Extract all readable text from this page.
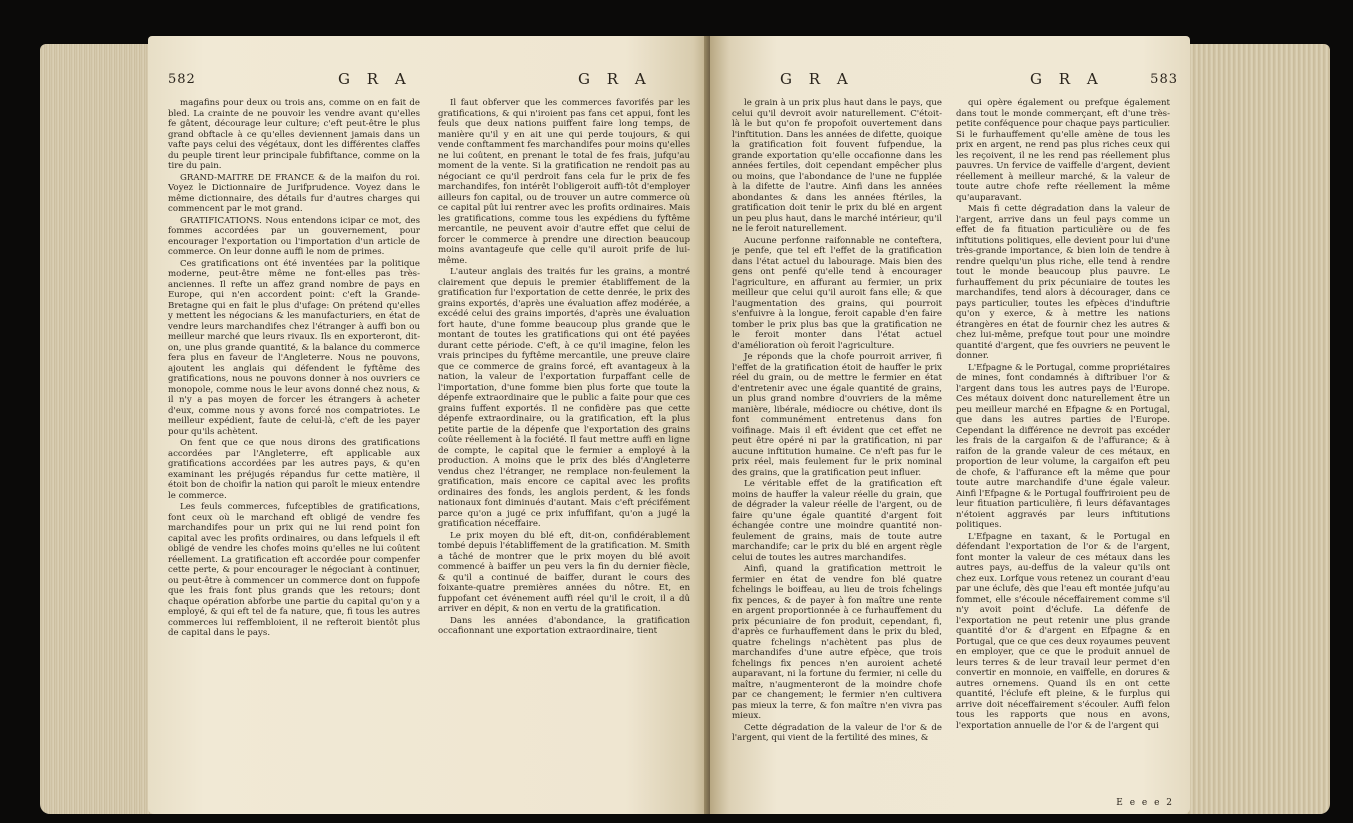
582	G R A	G R A

magafins pour deux ou trois ans, comme on en fait de bled. La crainte de ne pouvoir les vendre avant qu'elles fe gâtent, décourage leur culture; c'eft peut-être le plus grand obftacle à ce qu'elles deviennent jamais dans un vafte pays celui des végétaux, dont les différentes claffes du peuple tirent leur principale fubfiftance, comme on la tire du pain.

GRAND-MAITRE DE FRANCE & de la maifon du roi. Voyez le Dictionnaire de Jurifprudence. Voyez dans le même dictionnaire, des détails fur d'autres charges qui commencent par le mot grand.

GRATIFICATIONS. Nous entendons icipar ce mot, des fommes accordées par un gouvernement, pour encourager l'exportation ou l'importation d'un article de commerce. On leur donne auffi le nom de primes.

Ces gratifications ont été inventées par la politique moderne, peut-être même ne font-elles pas très-anciennes. Il refte un affez grand nombre de pays en Europe, qui n'en accordent point: c'eft la Grande-Bretagne qui en fait le plus d'ufage: On prétend qu'elles y mettent les négocians & les manufacturiers, en état de vendre leurs marchandifes chez l'étranger à auffi bon ou meilleur marché que leurs rivaux. Ils en exporteront, dit-on, une plus grande quantité, & la balance du commerce fera plus en faveur de l'Angleterre. Nous ne pouvons, ajoutent les anglais qui défendent le fyftême des gratifications, nous ne pouvons donner à nos ouvriers ce monopole, comme nous le leur avons donné chez nous, & il n'y a pas moyen de forcer les étrangers à acheter d'eux, comme nous y avons forcé nos compatriotes. Le meilleur expédient, faute de celui-là, c'eft de les payer pour qu'ils achètent.

On fent que ce que nous dirons des gratifications accordées par l'Angleterre, eft applicable aux gratifications accordées par les autres pays, & qu'en examinant les préjugés répandus fur cette matière, il étoit bon de choifir la nation qui paroît le mieux entendre le commerce.

Les feuls commerces, fufceptibles de gratifications, font ceux où le marchand eft obligé de vendre fes marchandifes pour un prix qui ne lui rend point fon capital avec les profits ordinaires, ou dans lefquels il eft obligé de vendre les chofes moins qu'elles ne lui coûtent réellement. La gratification eft accordée pour compenfer cette perte, & pour encourager le négociant à continuer, ou peut-être à commencer un commerce dont on fuppofe que les frais font plus grands que les retours; dont chaque opération abforbe une partie du capital qu'on y a employé, & qui eft tel de fa nature, que, fi tous les autres commerces lui reffembloient, il ne refteroit bientôt plus de capital dans le pays.

Il faut obferver que les commerces favorifés par les gratifications, & qui n'iroient pas fans cet appui, font les feuls que deux nations puiffent faire long temps, de manière qu'il y en ait une qui perde toujours, & qui vende conftamment fes marchandifes pour moins qu'elles ne lui coûtent, en prenant le total de fes frais, jufqu'au moment de la vente. Si la gratification ne rendoit pas au négociant ce qu'il perdroit fans cela fur le prix de fes marchandifes, fon intérêt l'obligeroit auffi-tôt d'employer ailleurs fon capital, ou de trouver un autre commerce où ce capital pût lui rentrer avec les profits ordinaires. Mais les gratifications, comme tous les expédiens du fyftême mercantile, ne peuvent avoir d'autre effet que celui de forcer le commerce à prendre une direction beaucoup moins avantageufe que celle qu'il auroit prife de lui-même.

L'auteur anglais des traités fur les grains, a montré clairement que depuis le premier établiffement de la gratification fur l'exportation de cette denrée, le prix des grains exportés, d'après une évaluation affez modérée, a excédé celui des grains importés, d'après une évaluation fort haute, d'une fomme beaucoup plus grande que le montant de toutes les gratifications qui ont été payées durant cette période. C'eft, à ce qu'il imagine, felon les vrais principes du fyftême mercantile, une preuve claire que ce commerce de grains forcé, eft avantageux à la nation, la valeur de l'exportation furpaffant celle de l'importation, d'une fomme bien plus forte que toute la dépenfe extraordinaire que le public a faite pour que ces grains fuffent exportés. Il ne confidère pas que cette dépenfe extraordinaire, ou la gratification, eft la plus petite partie de la dépenfe que l'exportation des grains coûte réellement à la fociété. Il faut mettre auffi en ligne de compte, le capital que le fermier a employé à la production. A moins que le prix des blés d'Angleterre vendus chez l'étranger, ne remplace non-feulement la gratification, mais encore ce capital avec les profits ordinaires des fonds, les anglois perdent, & les fonds nationaux font diminués d'autant. Mais c'eft précifément parce qu'on a jugé ce prix infuffifant, qu'on a jugé la gratification néceffaire.

Le prix moyen du blé eft, dit-on, confidérablement tombé depuis l'établiffement de la gratification. M. Smith a tâché de montrer que le prix moyen du blé avoit commencé à baiffer un peu vers la fin du dernier fiècle, & qu'il a continué de baiffer, durant le cours des foixante-quatre premières années du nôtre. Et, en fuppofant cet événement auffi réel qu'il le croit, il a dû arriver en dépit, & non en vertu de la gratification.

Dans les années d'abondance, la gratification occafionnant une exportation extraordinaire, tient

G R A	G R A	583

le grain à un prix plus haut dans le pays, que celui qu'il devroit avoir naturellement. C'étoit-là le but qu'on fe propofoit ouvertement dans l'inftitution. Dans les années de difette, quoique la gratification foit fouvent fufpendue, la grande exportation qu'elle occafionne dans les années fertiles, doit cependant empêcher plus ou moins, que l'abondance de l'une ne fupplée à la difette de l'autre. Ainfi dans les années abondantes & dans les années ftériles, la gratification doit tenir le prix du blé en argent un peu plus haut, dans le marché intérieur, qu'il ne le feroit naturellement.

Aucune perfonne raifonnable ne conteftera, je penfe, que tel eft l'effet de la gratification dans l'état actuel du labourage. Mais bien des gens ont penfé qu'elle tend à encourager l'agriculture, en affurant au fermier, un prix meilleur que celui qu'il auroit fans elle; & que l'augmentation des grains, qui pourroit s'enfuivre à la longue, feroit capable d'en faire tomber le prix plus bas que la gratification ne le feroit monter dans l'état actuel d'amélioration où feroit l'agriculture.

Je réponds que la chofe pourroit arriver, fi l'effet de la gratification étoit de hauffer le prix réel du grain, ou de mettre le fermier en état d'entretenir avec une égale quantité de grains, un plus grand nombre d'ouvriers de la même manière, libérale, médiocre ou chétive, dont ils font communément entretenus dans fon voifinage. Mais il eft évident que cet effet ne peut être opéré ni par la gratification, ni par aucune inftitution humaine. Ce n'eft pas fur le prix réel, mais feulement fur le prix nominal des grains, que la gratification peut influer.

Le véritable effet de la gratification eft moins de hauffer la valeur réelle du grain, que de dégrader la valeur réelle de l'argent, ou de faire qu'une égale quantité d'argent foit échangée contre une moindre quantité non-feulement de grains, mais de toute autre marchandife; car le prix du blé en argent règle celui de toutes les autres marchandifes.

Ainfi, quand la gratification mettroit le fermier en état de vendre fon blé quatre fchelings le boiffeau, au lieu de trois fchelings fix pences, & de payer à fon maître une rente en argent proportionnée à ce furhauffement du prix pécuniaire de fon produit, cependant, fi, d'après ce furhauffement dans le prix du bled, quatre fchelings n'achètent pas plus de marchandifes d'une autre efpèce, que trois fchelings fix pences n'en auroient acheté auparavant, ni la fortune du fermier, ni celle du maître, n'augmenteront de la moindre chofe par ce changement; le fermier n'en cultivera pas mieux la terre, & fon maître n'en vivra pas mieux.

Cette dégradation de la valeur de l'or & de l'argent, qui vient de la fertilité des mines, &

qui opère également ou prefque également dans tout le monde commerçant, eft d'une très-petite conféquence pour chaque pays particulier. Si le furhauffement qu'elle amène de tous les prix en argent, ne rend pas plus riches ceux qui les reçoivent, il ne les rend pas réellement plus pauvres. Un fervice de vaiffelle d'argent, devient réellement à meilleur marché, & la valeur de toute autre chofe refte réellement la même qu'auparavant.

Mais fi cette dégradation dans la valeur de l'argent, arrive dans un feul pays comme un effet de fa fituation particulière ou de fes inftitutions politiques, elle devient pour lui d'une très-grande importance, & bien loin de tendre à rendre quelqu'un plus riche, elle tend à rendre tout le monde beaucoup plus pauvre. Le furhauffement du prix pécuniaire de toutes les marchandifes, tend alors à décourager, dans ce pays particulier, toutes les efpèces d'induftrie qu'on y exerce, & à mettre les nations étrangères en état de fournir chez les autres & chez lui-même, prefque tout pour une moindre quantité d'argent, que fes ouvriers ne peuvent le donner.

L'Efpagne & le Portugal, comme propriétaires de mines, font condamnés à diftribuer l'or & l'argent dans tous les autres pays de l'Europe. Ces métaux doivent donc naturellement être un peu meilleur marché en Efpagne & en Portugal, que dans les autres parties de l'Europe. Cependant la différence ne devroit pas excéder les frais de la cargaifon & de l'affurance; & à raifon de la grande valeur de ces métaux, en proportion de leur volume, la cargaifon eft peu de chofe, & l'affurance eft la même que pour toute autre marchandife d'une égale valeur. Ainfi l'Efpagne & le Portugal fouffriroient peu de leur fituation particulière, fi leurs défavantages n'étoient aggravés par leurs inftitutions politiques.

L'Efpagne en taxant, & le Portugal en défendant l'exportation de l'or & de l'argent, font monter la valeur de ces métaux dans les autres pays, au-deffus de la valeur qu'ils ont chez eux. Lorfque vous retenez un courant d'eau par une éclufe, dès que l'eau eft montée jufqu'au fommet, elle s'écoule néceffairement comme s'il n'y avoit point d'éclufe. La défenfe de l'exportation ne peut retenir une plus grande quantité d'or & d'argent en Efpagne & en Portugal, que ce que ces deux royaumes peuvent en employer, que ce que le produit annuel de leurs terres & de leur travail leur permet d'en convertir en monnoie, en vaiffelle, en dorures & autres ornemens. Quand ils en ont cette quantité, l'éclufe eft pleine, & le furplus qui arrive doit néceffairement s'écouler. Auffi felon tous les rapports que nous en avons, l'exportation annuelle de l'or & de l'argent qui

E e e e 2
